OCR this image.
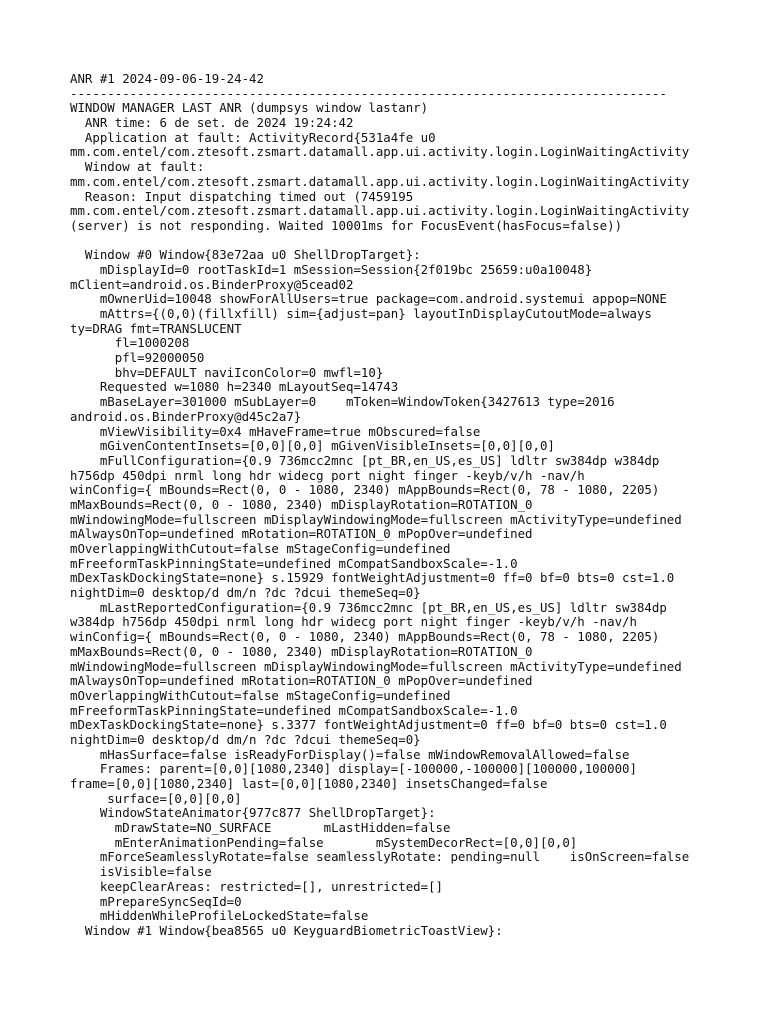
ANR #1 2024-09-06-19-24-42
--------------------------------------------------------------------------------
WINDOW MANAGER LAST ANR (dumpsys window lastanr)
ANR time: 6 de set. de 2024 19:24:42
Application at fault: ActivityRecord{531a4fe u0
mm.com.entel/com.ztesoft.zsmart.datamall.app.ui.activity.login.LoginWaitingActivity
Window at fault:
mm.com.entel/com.ztesoft.zsmart.datamall.app.ui.activity.login.LoginWaitingActivity
Reason: Input dispatching timed out (7459195
mm.com.entel/com.ztesoft.zsmart.datamall.app.ui.activity.login.LoginWaitingActivity
(server) is not responding. Waited 10001ms for FocusEvent(hasFocus=false))
Window #0 Window{83e72aa u0 ShellDropTarget}:
mDisplayId=0 rootTaskId=1 mSession=Session{2f019bc 25659:u0a10048}
mClient=android.os.BinderProxy@5cead02
mOwnerUid=10048 showForAllUsers=true package=com.android.systemui appop=NONE
mAttrs={(0,0)(fillxfill) sim={adjust=pan} layoutInDisplayCutoutMode=always
ty=DRAG fmt=TRANSLUCENT
fl=1000208
pfl=92000050
bhv=DEFAULT naviIconColor=0 mwfl=10}
Requested w=1080 h=2340 mLayoutSeq=14743
mBaseLayer=301000 mSubLayer=0    mToken=WindowToken{3427613 type=2016
android.os.BinderProxy@d45c2a7}
mViewVisibility=0x4 mHaveFrame=true mObscured=false
mGivenContentInsets=[0,0][0,0] mGivenVisibleInsets=[0,0][0,0]
mFullConfiguration={0.9 736mcc2mnc [pt_BR,en_US,es_US] ldltr sw384dp w384dp
h756dp 450dpi nrml long hdr widecg port night finger -keyb/v/h -nav/h
winConfig={ mBounds=Rect(0, 0 - 1080, 2340) mAppBounds=Rect(0, 78 - 1080, 2205)
mMaxBounds=Rect(0, 0 - 1080, 2340) mDisplayRotation=ROTATION_0
mWindowingMode=fullscreen mDisplayWindowingMode=fullscreen mActivityType=undefined
mAlwaysOnTop=undefined mRotation=ROTATION_0 mPopOver=undefined
mOverlappingWithCutout=false mStageConfig=undefined
mFreeformTaskPinningState=undefined mCompatSandboxScale=-1.0
mDexTaskDockingState=none} s.15929 fontWeightAdjustment=0 ff=0 bf=0 bts=0 cst=1.0
nightDim=0 desktop/d dm/n ?dc ?dcui themeSeq=0}
mLastReportedConfiguration={0.9 736mcc2mnc [pt_BR,en_US,es_US] ldltr sw384dp
w384dp h756dp 450dpi nrml long hdr widecg port night finger -keyb/v/h -nav/h
winConfig={ mBounds=Rect(0, 0 - 1080, 2340) mAppBounds=Rect(0, 78 - 1080, 2205)
mMaxBounds=Rect(0, 0 - 1080, 2340) mDisplayRotation=ROTATION_0
mWindowingMode=fullscreen mDisplayWindowingMode=fullscreen mActivityType=undefined
mAlwaysOnTop=undefined mRotation=ROTATION_0 mPopOver=undefined
mOverlappingWithCutout=false mStageConfig=undefined
mFreeformTaskPinningState=undefined mCompatSandboxScale=-1.0
mDexTaskDockingState=none} s.3377 fontWeightAdjustment=0 ff=0 bf=0 bts=0 cst=1.0
nightDim=0 desktop/d dm/n ?dc ?dcui themeSeq=0}
mHasSurface=false isReadyForDisplay()=false mWindowRemovalAllowed=false
Frames: parent=[0,0][1080,2340] display=[-100000,-100000][100000,100000]
frame=[0,0][1080,2340] last=[0,0][1080,2340] insetsChanged=false
surface=[0,0][0,0]
WindowStateAnimator{977c877 ShellDropTarget}:
mDrawState=NO_SURFACE       mLastHidden=false
mEnterAnimationPending=false       mSystemDecorRect=[0,0][0,0]
mForceSeamlesslyRotate=false seamlesslyRotate: pending=null    isOnScreen=false
isVisible=false
keepClearAreas: restricted=[], unrestricted=[]
mPrepareSyncSeqId=0
mHiddenWhileProfileLockedState=false
Window #1 Window{bea8565 u0 KeyguardBiometricToastView}:
